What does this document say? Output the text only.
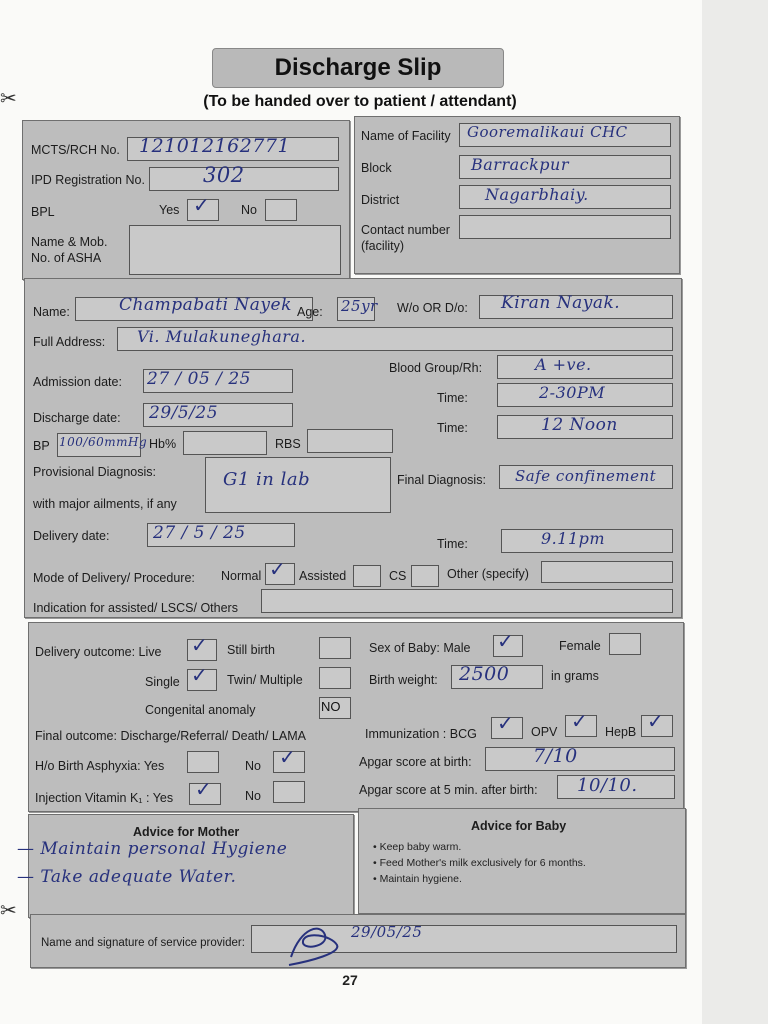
Discharge Slip
(To be handed over to patient / attendant)
✂
MCTS/RCH No. 121012162771
IPD Registration No.	302
BPL	Yes ✓ No
Name & Mob.
No. of ASHA
Name of Facility Gooremalikaui CHC
Block	Barrackpur
District	Nagarbhaiy.
Contact number
(facility)
Name:	Champabati Nayek Age: 25yr W/o OR D/o: Kiran Nayak.
Full Address: Vi. Mulakuneghara.
Blood Group/Rh:	A +ve.
Admission date: 27 / 05 / 25
Time:	2-30PM
Discharge date: 29/5/25
Time:	12 Noon
BP 100/60mmHg Hb%	RBS
Provisional Diagnosis:
with major ailments, if any
G1 in lab	Final Diagnosis: Safe confinement
Delivery date:	27 / 5 / 25
Time:	9.11pm
Mode of Delivery/ Procedure: Normal ✓ Assisted	CS	Other (specify)
Indication for assisted/ LSCS/ Others
Delivery outcome: Live ✓ Still birth
Single ✓ Twin/ Multiple
Congenital anomaly	NO
Final outcome: Discharge/Referral/ Death/ LAMA
H/o Birth Asphyxia: Yes	No ✓
Injection Vitamin K₁ : Yes ✓	No
Sex of Baby: Male ✓	Female
Birth weight: 2500	in grams
Immunization : BCG ✓ OPV ✓ HepB ✓
Apgar score at birth:	7/10
Apgar score at 5 min. after birth: 10/10.
Advice for Mother
— Maintain personal Hygiene
— Take adequate Water.
Advice for Baby
• Keep baby warm.
• Feed Mother's milk exclusively for 6 months.
• Maintain hygiene.
✂
Name and signature of service provider:
29/05/25
27
